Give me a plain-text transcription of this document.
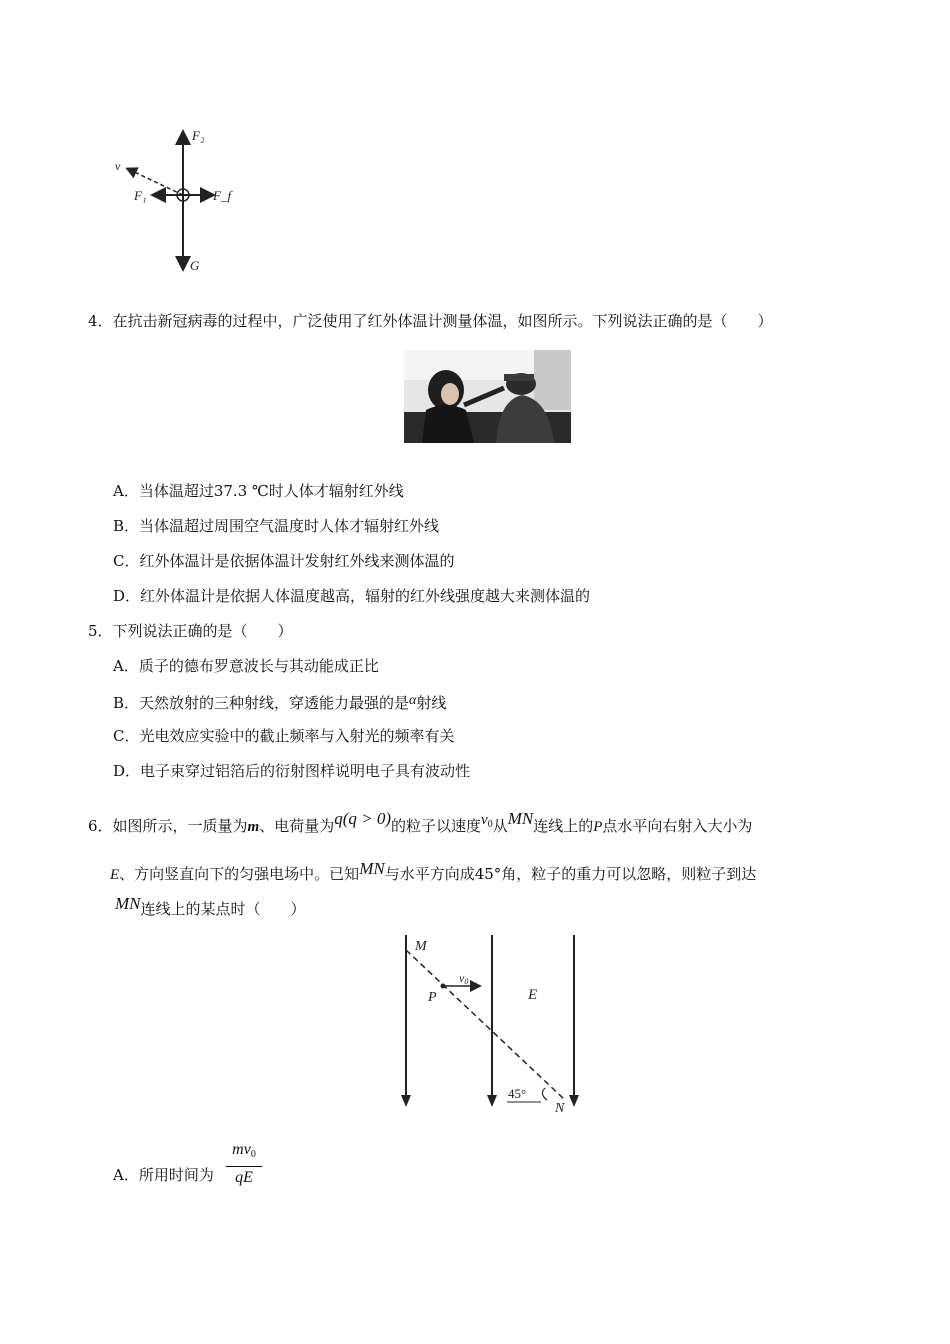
F₂
F₁	F_f
G
v
4．在抗击新冠病毒的过程中，广泛使用了红外体温计测量体温，如图所示。下列说法正确的是（　　）
A．当体温超过37.3 ℃时人体才辐射红外线
B．当体温超过周围空气温度时人体才辐射红外线
C．红外体温计是依据体温计发射红外线来测体温的
D．红外体温计是依据人体温度越高，辐射的红外线强度越大来测体温的
5．下列说法正确的是（　　）
A．质子的德布罗意波长与其动能成正比
B．天然放射的三种射线，穿透能力最强的是α射线
C．光电效应实验中的截止频率与入射光的频率有关
D．电子束穿过铝箔后的衍射图样说明电子具有波动性
6．如图所示，一质量为m、电荷量为q(q > 0)的粒子以速度$v_0$从MN连线上的P点水平向右射入大小为
E、方向竖直向下的匀强电场中。已知MN与水平方向成45°角，粒子的重力可以忽略，则粒子到达
MN连线上的某点时（　　）
M
P
v0
E
45°
N
A．所用时间为
$mv_0$
qE
